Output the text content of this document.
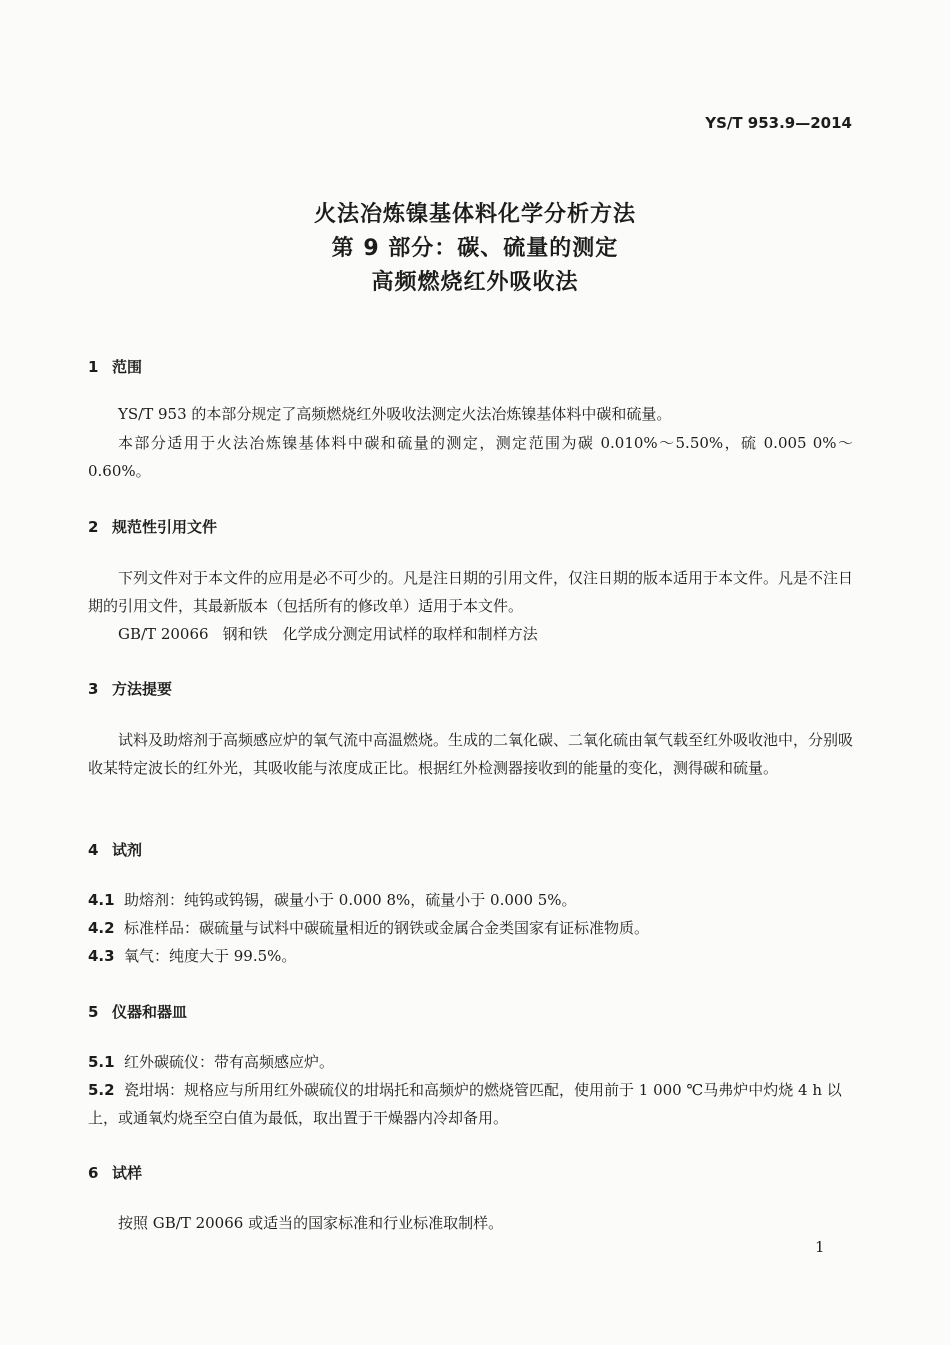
YS/T 953.9—2014
火法冶炼镍基体料化学分析方法
第 9 部分：碳、硫量的测定
高频燃烧红外吸收法
1 范围
YS/T 953 的本部分规定了高频燃烧红外吸收法测定火法冶炼镍基体料中碳和硫量。
本部分适用于火法冶炼镍基体料中碳和硫量的测定，测定范围为碳 0.010%～5.50%，硫 0.005 0%～0.60%。
2 规范性引用文件
下列文件对于本文件的应用是必不可少的。凡是注日期的引用文件，仅注日期的版本适用于本文件。凡是不注日期的引用文件，其最新版本（包括所有的修改单）适用于本文件。
GB/T 20066 钢和铁　化学成分测定用试样的取样和制样方法
3 方法提要
试料及助熔剂于高频感应炉的氧气流中高温燃烧。生成的二氧化碳、二氧化硫由氧气载至红外吸收池中，分别吸收某特定波长的红外光，其吸收能与浓度成正比。根据红外检测器接收到的能量的变化，测得碳和硫量。
4 试剂
4.1 助熔剂：纯钨或钨锡，碳量小于 0.000 8%，硫量小于 0.000 5%。
4.2 标准样品：碳硫量与试料中碳硫量相近的钢铁或金属合金类国家有证标准物质。
4.3 氧气：纯度大于 99.5%。
5 仪器和器皿
5.1 红外碳硫仪：带有高频感应炉。
5.2 瓷坩埚：规格应与所用红外碳硫仪的坩埚托和高频炉的燃烧管匹配，使用前于 1 000 ℃马弗炉中灼烧 4 h 以上，或通氧灼烧至空白值为最低，取出置于干燥器内冷却备用。
6 试样
按照 GB/T 20066 或适当的国家标准和行业标准取制样。
1
